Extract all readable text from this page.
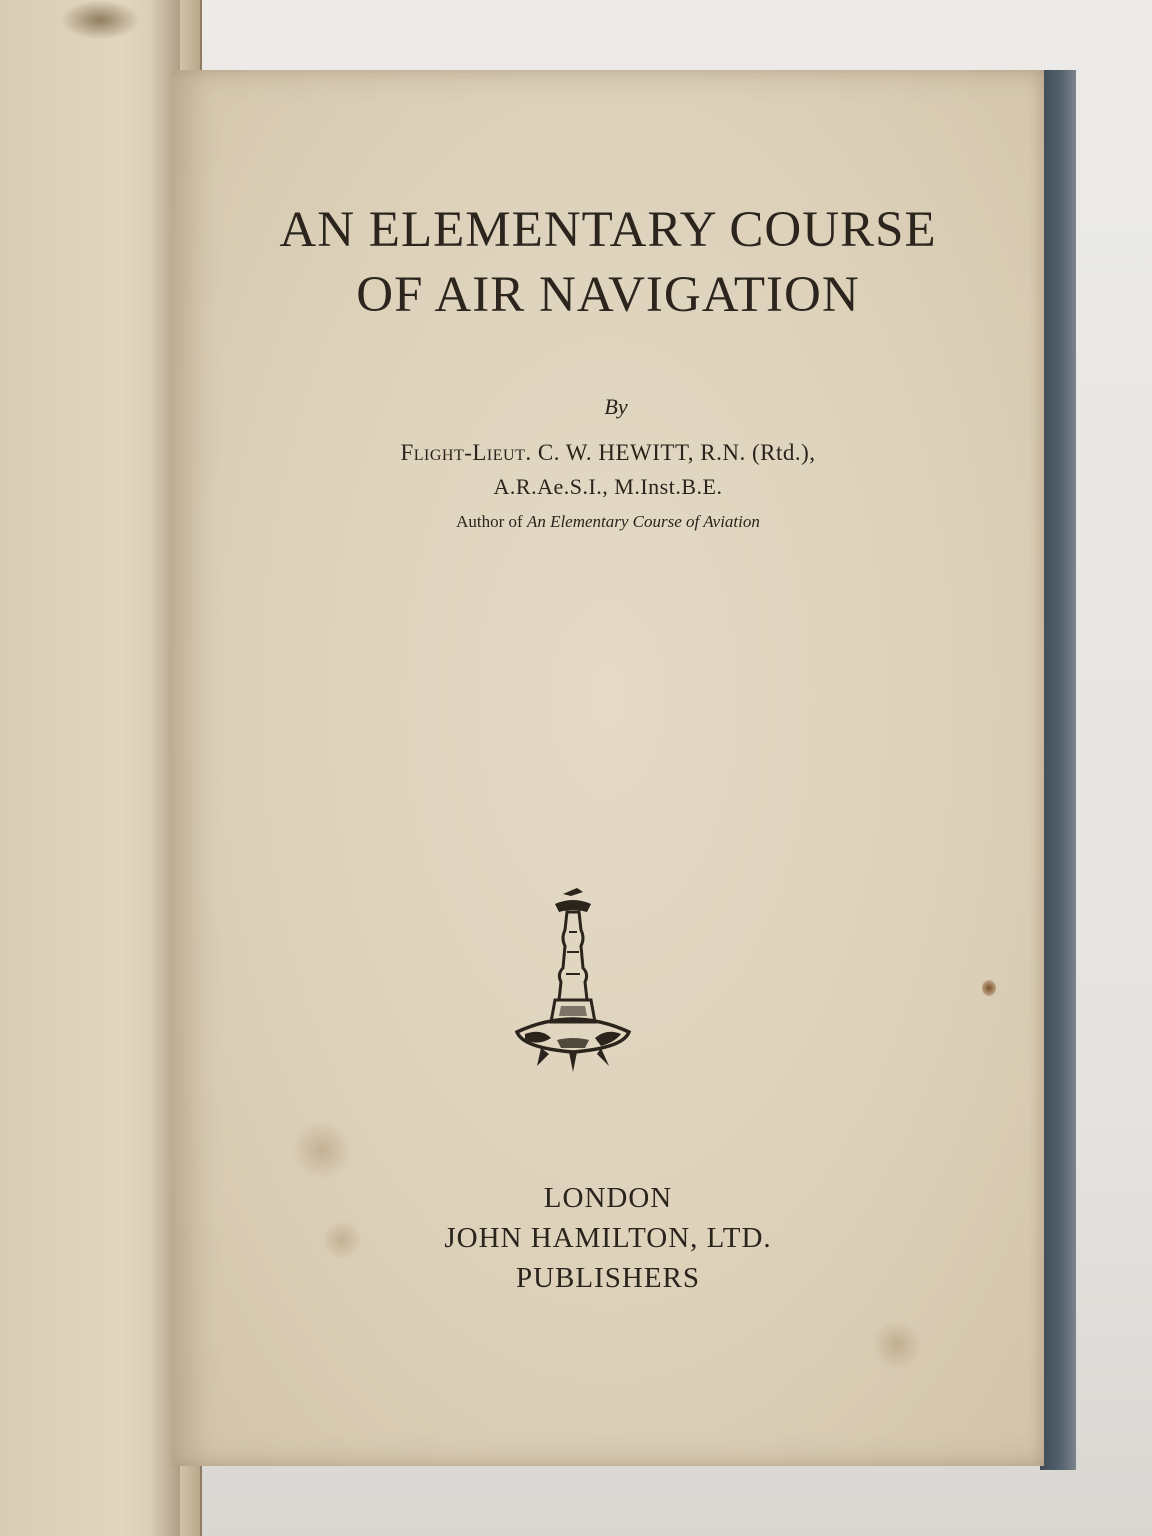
AN ELEMENTARY COURSE
OF AIR NAVIGATION
By
Flight-Lieut. C. W. HEWITT, R.N. (Rtd.),
A.R.Ae.S.I., M.Inst.B.E.
Author of An Elementary Course of Aviation
LONDON
JOHN HAMILTON, LTD.
PUBLISHERS
